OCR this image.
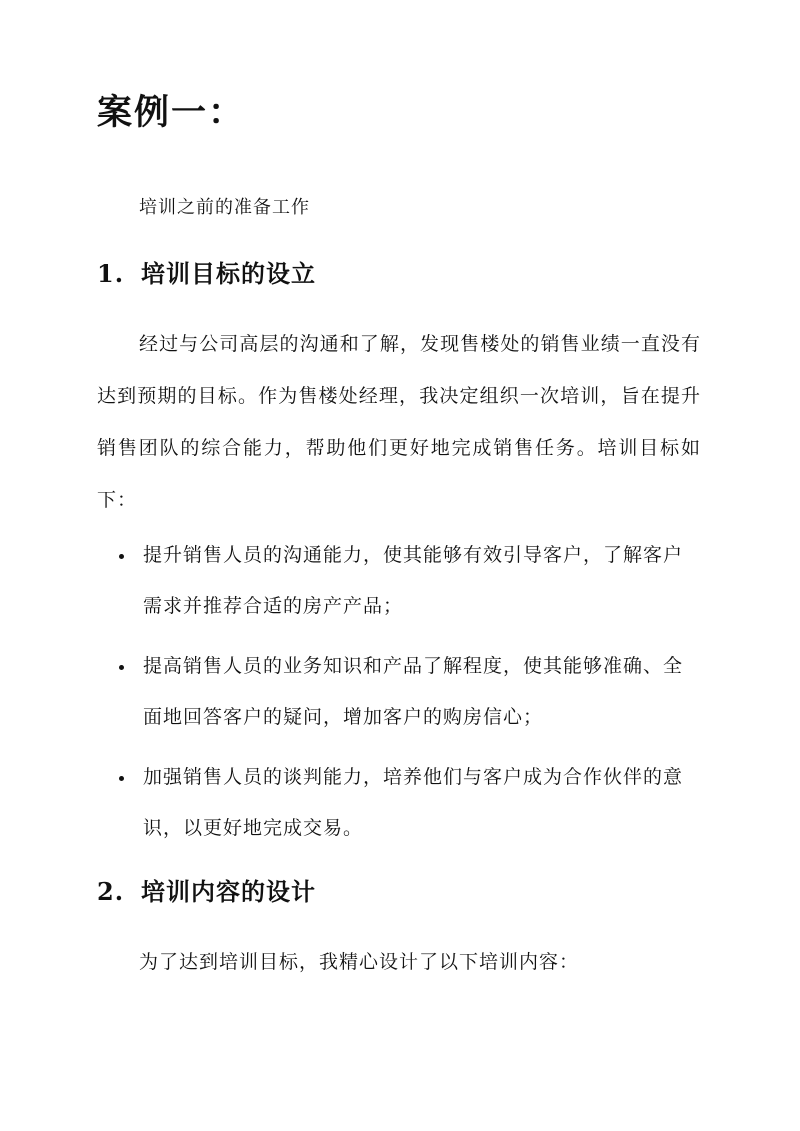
案例一：

培训之前的准备工作

1. 培训目标的设立

经过与公司高层的沟通和了解，发现售楼处的销售业绩一直没有达到预期的目标。作为售楼处经理，我决定组织一次培训，旨在提升销售团队的综合能力，帮助他们更好地完成销售任务。培训目标如下：

提升销售人员的沟通能力，使其能够有效引导客户，了解客户需求并推荐合适的房产产品；
提高销售人员的业务知识和产品了解程度，使其能够准确、全面地回答客户的疑问，增加客户的购房信心；
加强销售人员的谈判能力，培养他们与客户成为合作伙伴的意识，以更好地完成交易。
2. 培训内容的设计

为了达到培训目标，我精心设计了以下培训内容：
